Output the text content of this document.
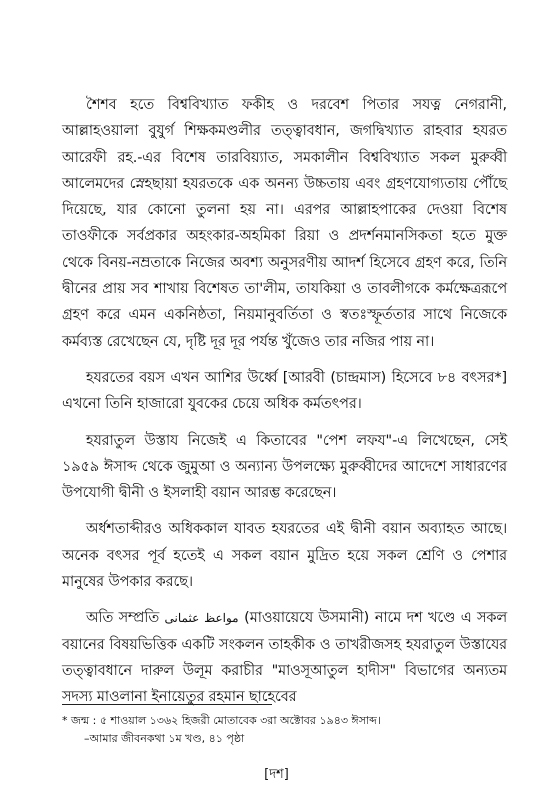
শৈশব হতে বিশ্ববিখ্যাত ফকীহ ও দরবেশ পিতার সযত্ন নেগরানী, আল্লাহওয়ালা বুযুর্গ শিক্ষকমণ্ডলীর তত্ত্বাবধান, জগদ্বিখ্যাত রাহবার হযরত আরেফী রহ.-এর বিশেষ তারবিয়্যাত, সমকালীন বিশ্ববিখ্যাত সকল মুরুব্বী আলেমদের স্নেহছায়া হযরতকে এক অনন্য উচ্চতায় এবং গ্রহণযোগ্যতায় পৌঁছে দিয়েছে, যার কোনো তুলনা হয় না। এরপর আল্লাহপাকের দেওয়া বিশেষ তাওফীকে সর্বপ্রকার অহংকার-অহমিকা রিয়া ও প্রদর্শনমানসিকতা হতে মুক্ত থেকে বিনয়-নম্রতাকে নিজের অবশ্য অনুসরণীয় আদর্শ হিসেবে গ্রহণ করে, তিনি দ্বীনের প্রায় সব শাখায় বিশেষত তা'লীম, তাযকিয়া ও তাবলীগকে কর্মক্ষেত্ররূপে গ্রহণ করে এমন একনিষ্ঠতা, নিয়মানুবর্তিতা ও স্বতঃস্ফূর্ততার সাথে নিজেকে কর্মব্যস্ত রেখেছেন যে, দৃষ্টি দূর দূর পর্যন্ত খুঁজেও তার নজির পায় না।

হযরতের বয়স এখন আশির উর্ধ্বে [আরবী (চান্দ্রমাস) হিসেবে ৮৪ বৎসর*] এখনো তিনি হাজারো যুবকের চেয়ে অধিক কর্মতৎপর।

হযরাতুল উস্তায নিজেই এ কিতাবের "পেশ লফয"-এ লিখেছেন, সেই ১৯৫৯ ঈসাব্দ থেকে জুমুআ ও অন্যান্য উপলক্ষ্যে মুরুব্বীদের আদেশে সাধারণের উপযোগী দ্বীনী ও ইসলাহী বয়ান আরম্ভ করেছেন।

অর্ধশতাব্দীরও অধিককাল যাবত হযরতের এই দ্বীনী বয়ান অব্যাহত আছে। অনেক বৎসর পূর্ব হতেই এ সকল বয়ান মুদ্রিত হয়ে সকল শ্রেণি ও পেশার মানুষের উপকার করছে।

অতি সম্প্রতি مواعظ عثمانی (মাওয়ায়েযে উসমানী) নামে দশ খণ্ডে এ সকল বয়ানের বিষয়ভিত্তিক একটি সংকলন তাহকীক ও তাখরীজসহ হযরাতুল উস্তাযের তত্ত্বাবধানে দারুল উলূম করাচীর "মাওসূআতুল হাদীস" বিভাগের অন্যতম সদস্য মাওলানা ইনায়েতুর রহমান ছাহেবের

* জন্ম : ৫ শাওয়াল ১৩৬২ হিজরী মোতাবেক ৩রা অক্টোবর ১৯৪৩ ঈসাব্দ।
–আমার জীবনকথা ১ম খণ্ড, ৪১ পৃষ্ঠা
[দশ]
